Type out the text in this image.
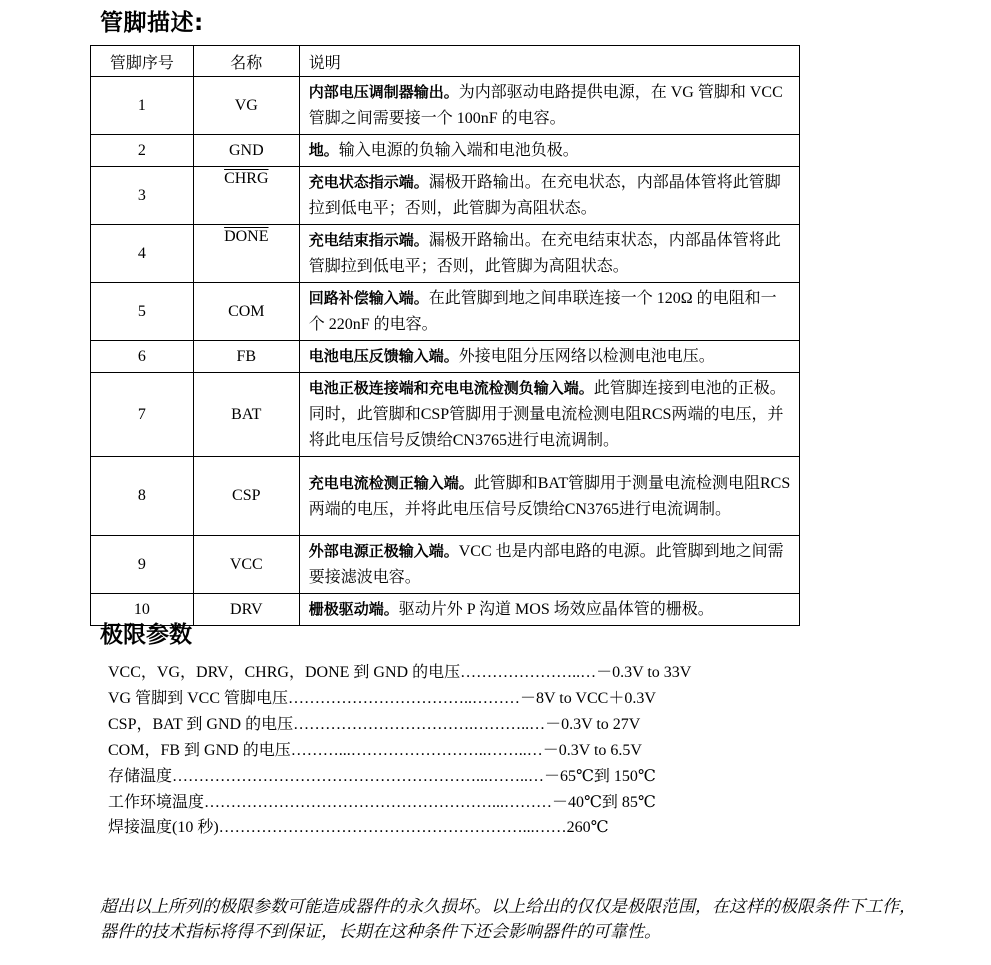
管脚描述:
管脚序号	名称	说明
1	VG	内部电压调制器输出。为内部驱动电路提供电源，在 VG 管脚和 VCC 管脚之间需要接一个 100nF 的电容。
2	GND	地。输入电源的负输入端和电池负极。
3	CHRG	充电状态指示端。漏极开路输出。在充电状态，内部晶体管将此管脚拉到低电平；否则，此管脚为高阻状态。
4	DONE	充电结束指示端。漏极开路输出。在充电结束状态，内部晶体管将此管脚拉到低电平；否则，此管脚为高阻状态。
5	COM	回路补偿输入端。在此管脚到地之间串联连接一个 120Ω 的电阻和一个 220nF 的电容。
6	FB	电池电压反馈输入端。外接电阻分压网络以检测电池电压。
7	BAT	电池正极连接端和充电电流检测负输入端。此管脚连接到电池的正极。同时，此管脚和CSP管脚用于测量电流检测电阻RCS两端的电压，并将此电压信号反馈给CN3765进行电流调制。
8	CSP	充电电流检测正输入端。此管脚和BAT管脚用于测量电流检测电阻RCS两端的电压，并将此电压信号反馈给CN3765进行电流调制。
9	VCC	外部电源正极输入端。VCC 也是内部电路的电源。此管脚到地之间需要接滤波电容。
10	DRV	栅极驱动端。驱动片外 P 沟道 MOS 场效应晶体管的栅极。
极限参数
VCC，VG，DRV，CHRG，DONE 到 GND 的电压…………………..…－0.3V to 33V
VG 管脚到 VCC 管脚电压……………………………..………－8V to VCC＋0.3V
CSP，BAT 到 GND 的电压…………………………….………..…－0.3V to 27V
COM，FB 到 GND 的电压………...……………………..……..…－0.3V to 6.5V
存储温度…………………………………………………...……..…－65℃到 150℃
工作环境温度………………………………………………...………－40℃到 85℃
焊接温度(10 秒)…………………………………………………...……260℃
超出以上所列的极限参数可能造成器件的永久损坏。以上给出的仅仅是极限范围，在这样的极限条件下工作，
器件的技术指标将得不到保证，长期在这种条件下还会影响器件的可靠性。
